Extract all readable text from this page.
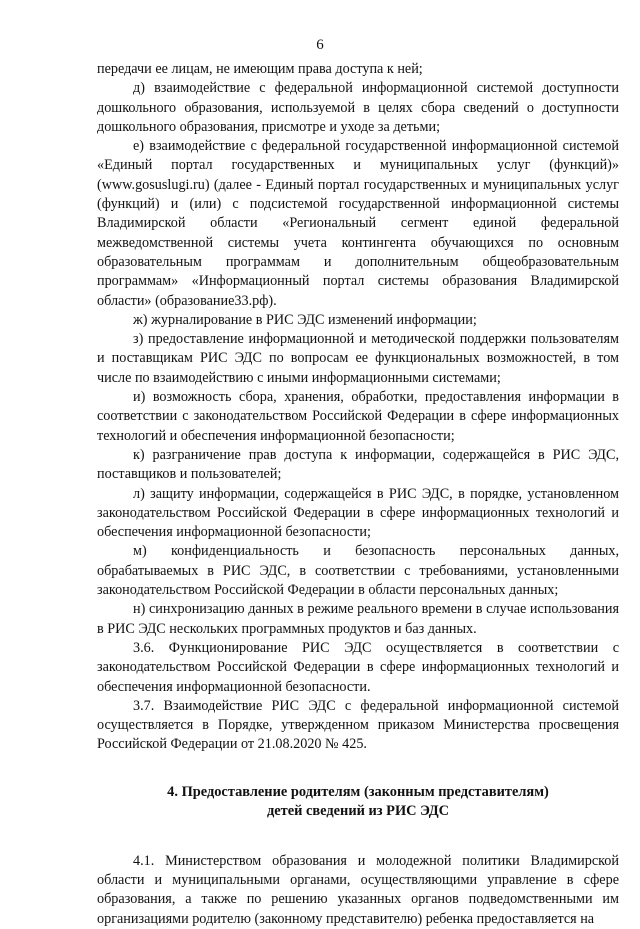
6

передачи ее лицам, не имеющим права доступа к ней;

д) взаимодействие с федеральной информационной системой доступности дошкольного образования, используемой в целях сбора сведений о доступности дошкольного образования, присмотре и уходе за детьми;

е) взаимодействие с федеральной государственной информационной системой «Единый портал государственных и муниципальных услуг (функций)» (www.gosuslugi.ru) (далее - Единый портал государственных и муниципальных услуг (функций) и (или) с подсистемой государственной информационной системы Владимирской области «Региональный сегмент единой федеральной межведомственной системы учета контингента обучающихся по основным образовательным программам и дополнительным общеобразовательным программам» «Информационный портал системы образования Владимирской области» (образование33.рф).

ж) журналирование в РИС ЭДС изменений информации;

з) предоставление информационной и методической поддержки пользователям и поставщикам РИС ЭДС по вопросам ее функциональных возможностей, в том числе по взаимодействию с иными информационными системами;

и) возможность сбора, хранения, обработки, предоставления информации в соответствии с законодательством Российской Федерации в сфере информационных технологий и обеспечения информационной безопасности;

к) разграничение прав доступа к информации, содержащейся в РИС ЭДС, поставщиков и пользователей;

л) защиту информации, содержащейся в РИС ЭДС, в порядке, установленном законодательством Российской Федерации в сфере информационных технологий и обеспечения информационной безопасности;

м) конфиденциальность и безопасность персональных данных, обрабатываемых в РИС ЭДС, в соответствии с требованиями, установленными законодательством Российской Федерации в области персональных данных;

н) синхронизацию данных в режиме реального времени в случае использования в РИС ЭДС нескольких программных продуктов и баз данных.

3.6. Функционирование РИС ЭДС осуществляется в соответствии с законодательством Российской Федерации в сфере информационных технологий и обеспечения информационной безопасности.

3.7. Взаимодействие РИС ЭДС с федеральной информационной системой осуществляется в Порядке, утвержденном приказом Министерства просвещения Российской Федерации от 21.08.2020 № 425.

4. Предоставление родителям (законным представителям)
детей сведений из РИС ЭДС

4.1. Министерством образования и молодежной политики Владимирской области и муниципальными органами, осуществляющими управление в сфере образования, а также по решению указанных органов подведомственными им организациями родителю (законному представителю) ребенка предоставляется на
